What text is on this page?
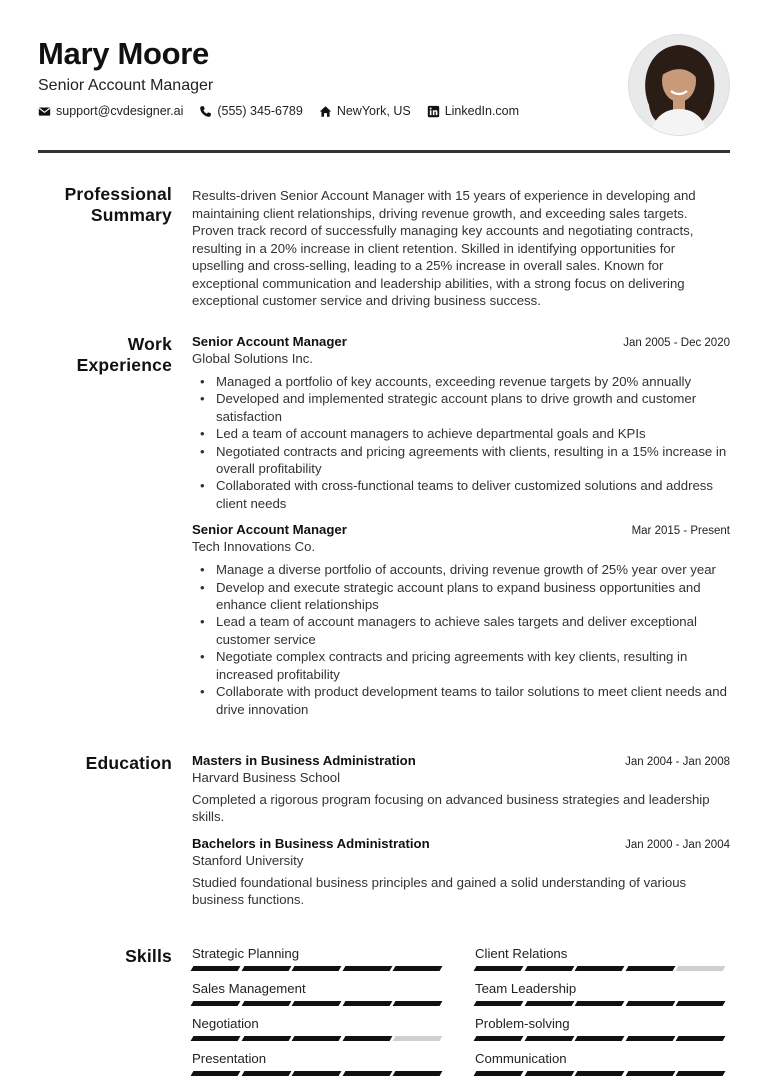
Mary Moore
Senior Account Manager
support@cvdesigner.ai	(555) 345-6789	NewYork, US	LinkedIn.com
Professional
Summary

Results-driven Senior Account Manager with 15 years of experience in developing and maintaining client relationships, driving revenue growth, and exceeding sales targets. Proven track record of successfully managing key accounts and negotiating contracts, resulting in a 20% increase in client retention. Skilled in identifying opportunities for upselling and cross-selling, leading to a 25% increase in overall sales. Known for exceptional communication and leadership abilities, with a strong focus on delivering exceptional customer service and driving business success.

Work
Experience
Senior Account Manager	Jan 2005 - Dec 2020
Global Solutions Inc.
• Managed a portfolio of key accounts, exceeding revenue targets by 20% annually
• Developed and implemented strategic account plans to drive growth and customer satisfaction
• Led a team of account managers to achieve departmental goals and KPIs
• Negotiated contracts and pricing agreements with clients, resulting in a 15% increase in overall profitability
• Collaborated with cross-functional teams to deliver customized solutions and address client needs
Senior Account Manager	Mar 2015 - Present
Tech Innovations Co.
• Manage a diverse portfolio of accounts, driving revenue growth of 25% year over year
• Develop and execute strategic account plans to expand business opportunities and enhance client relationships
• Lead a team of account managers to achieve sales targets and deliver exceptional customer service
• Negotiate complex contracts and pricing agreements with key clients, resulting in increased profitability
• Collaborate with product development teams to tailor solutions to meet client needs and drive innovation
Education Masters in Business Administration	Jan 2004 - Jan 2008
Harvard Business School

Completed a rigorous program focusing on advanced business strategies and leadership skills.

Bachelors in Business Administration	Jan 2000 - Jan 2004
Stanford University

Studied foundational business principles and gained a solid understanding of various business functions.

Skills Strategic Planning	Client Relations
Sales Management	Team Leadership
Negotiation	Problem-solving
Presentation	Communication
